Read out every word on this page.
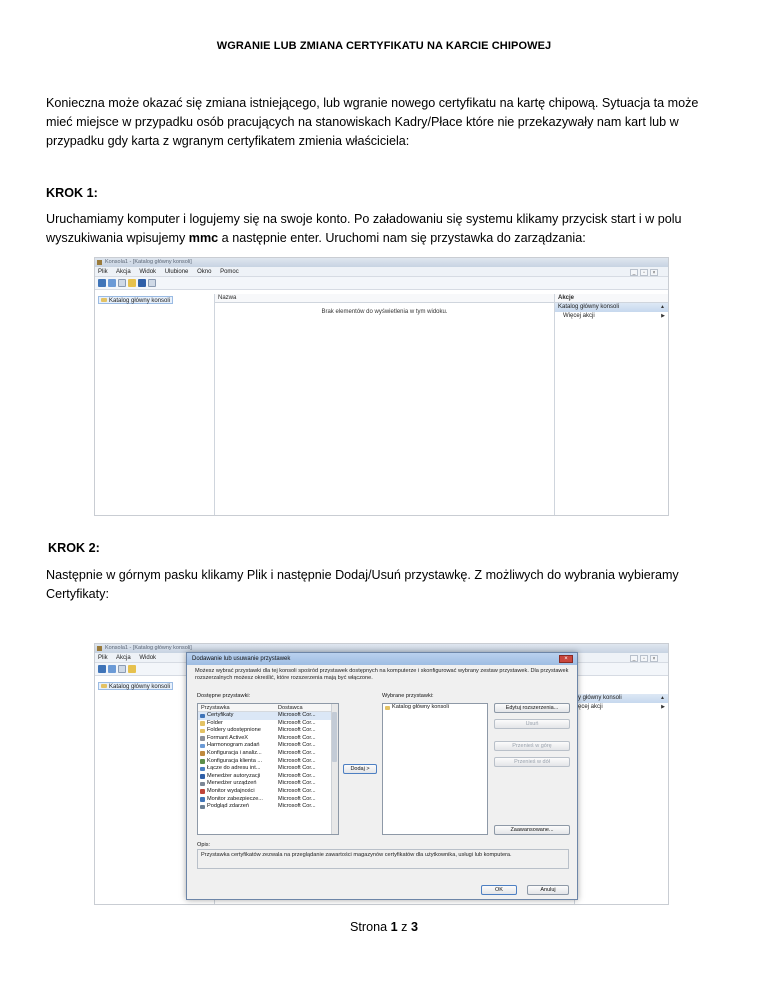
WGRANIE LUB ZMIANA CERTYFIKATU NA KARCIE CHIPOWEJ
Konieczna może okazać się zmiana istniejącego, lub wgranie nowego certyfikatu na kartę chipową. Sytuacja ta może mieć miejsce w przypadku osób pracujących na stanowiskach Kadry/Płace które nie przekazywały nam kart lub w przypadku gdy karta z wgranym certyfikatem zmienia właściciela:
KROK 1:
Uruchamiamy komputer i logujemy się na swoje konto. Po załadowaniu się systemu klikamy przycisk start i w polu wyszukiwania wpisujemy mmc a następnie enter. Uruchomi nam się przystawka do zarządzania:
Konsola1 - [Katalog główny konsoli]
Plik Akcja Widok Ulubione Okno Pomoc	_ ▫ ×
Katalog główny konsoli	Nazwa
Brak elementów do wyświetlenia w tym widoku.
Akcje
Katalog główny konsoli	▲
Więcej akcji	▶
KROK 2:
Następnie w górnym pasku klikamy Plik i następnie Dodaj/Usuń przystawkę. Z możliwych do wybrania wybieramy Certyfikaty:
Konsola1 - [Katalog główny konsoli]
Plik Akcja Widok	_ ▫ ×
Katalog główny konsoli
y główny konsoli	▲
ęcej akcji	▶
Dodawanie lub usuwanie przystawek	×
Możesz wybrać przystawki dla tej konsoli spośród przystawek dostępnych na komputerze i skonfigurować wybrany zestaw przystawek. Dla przystawek rozszerzalnych możesz określić, które rozszerzenia mają być włączone.
Dostępne przystawki:
Przystawka	Dostawca
Certyfikaty	Microsoft Cor...
Folder	Microsoft Cor...
Foldery udostępnione	Microsoft Cor...
Formant ActiveX	Microsoft Cor...
Harmonogram zadań	Microsoft Cor...
Konfiguracja i analiz...	Microsoft Cor...
Konfiguracja klienta ...	Microsoft Cor...
Łącze do adresu int...	Microsoft Cor...
Menedżer autoryzacji	Microsoft Cor...
Menedżer urządzeń	Microsoft Cor...
Monitor wydajności	Microsoft Cor...
Monitor zabezpiecze...	Microsoft Cor...
Podgląd zdarzeń	Microsoft Cor...
Dodaj >
Wybrane przystawki:
Katalog główny konsoli	Edytuj rozszerzenia...
Usuń
Przenieś w górę
Przenieś w dół
Zaawansowane...
Opis:
Przystawka certyfikatów zezwala na przeglądanie zawartości magazynów certyfikatów dla użytkownika, usługi lub komputera.
OK	Anuluj
Strona 1 z 3
